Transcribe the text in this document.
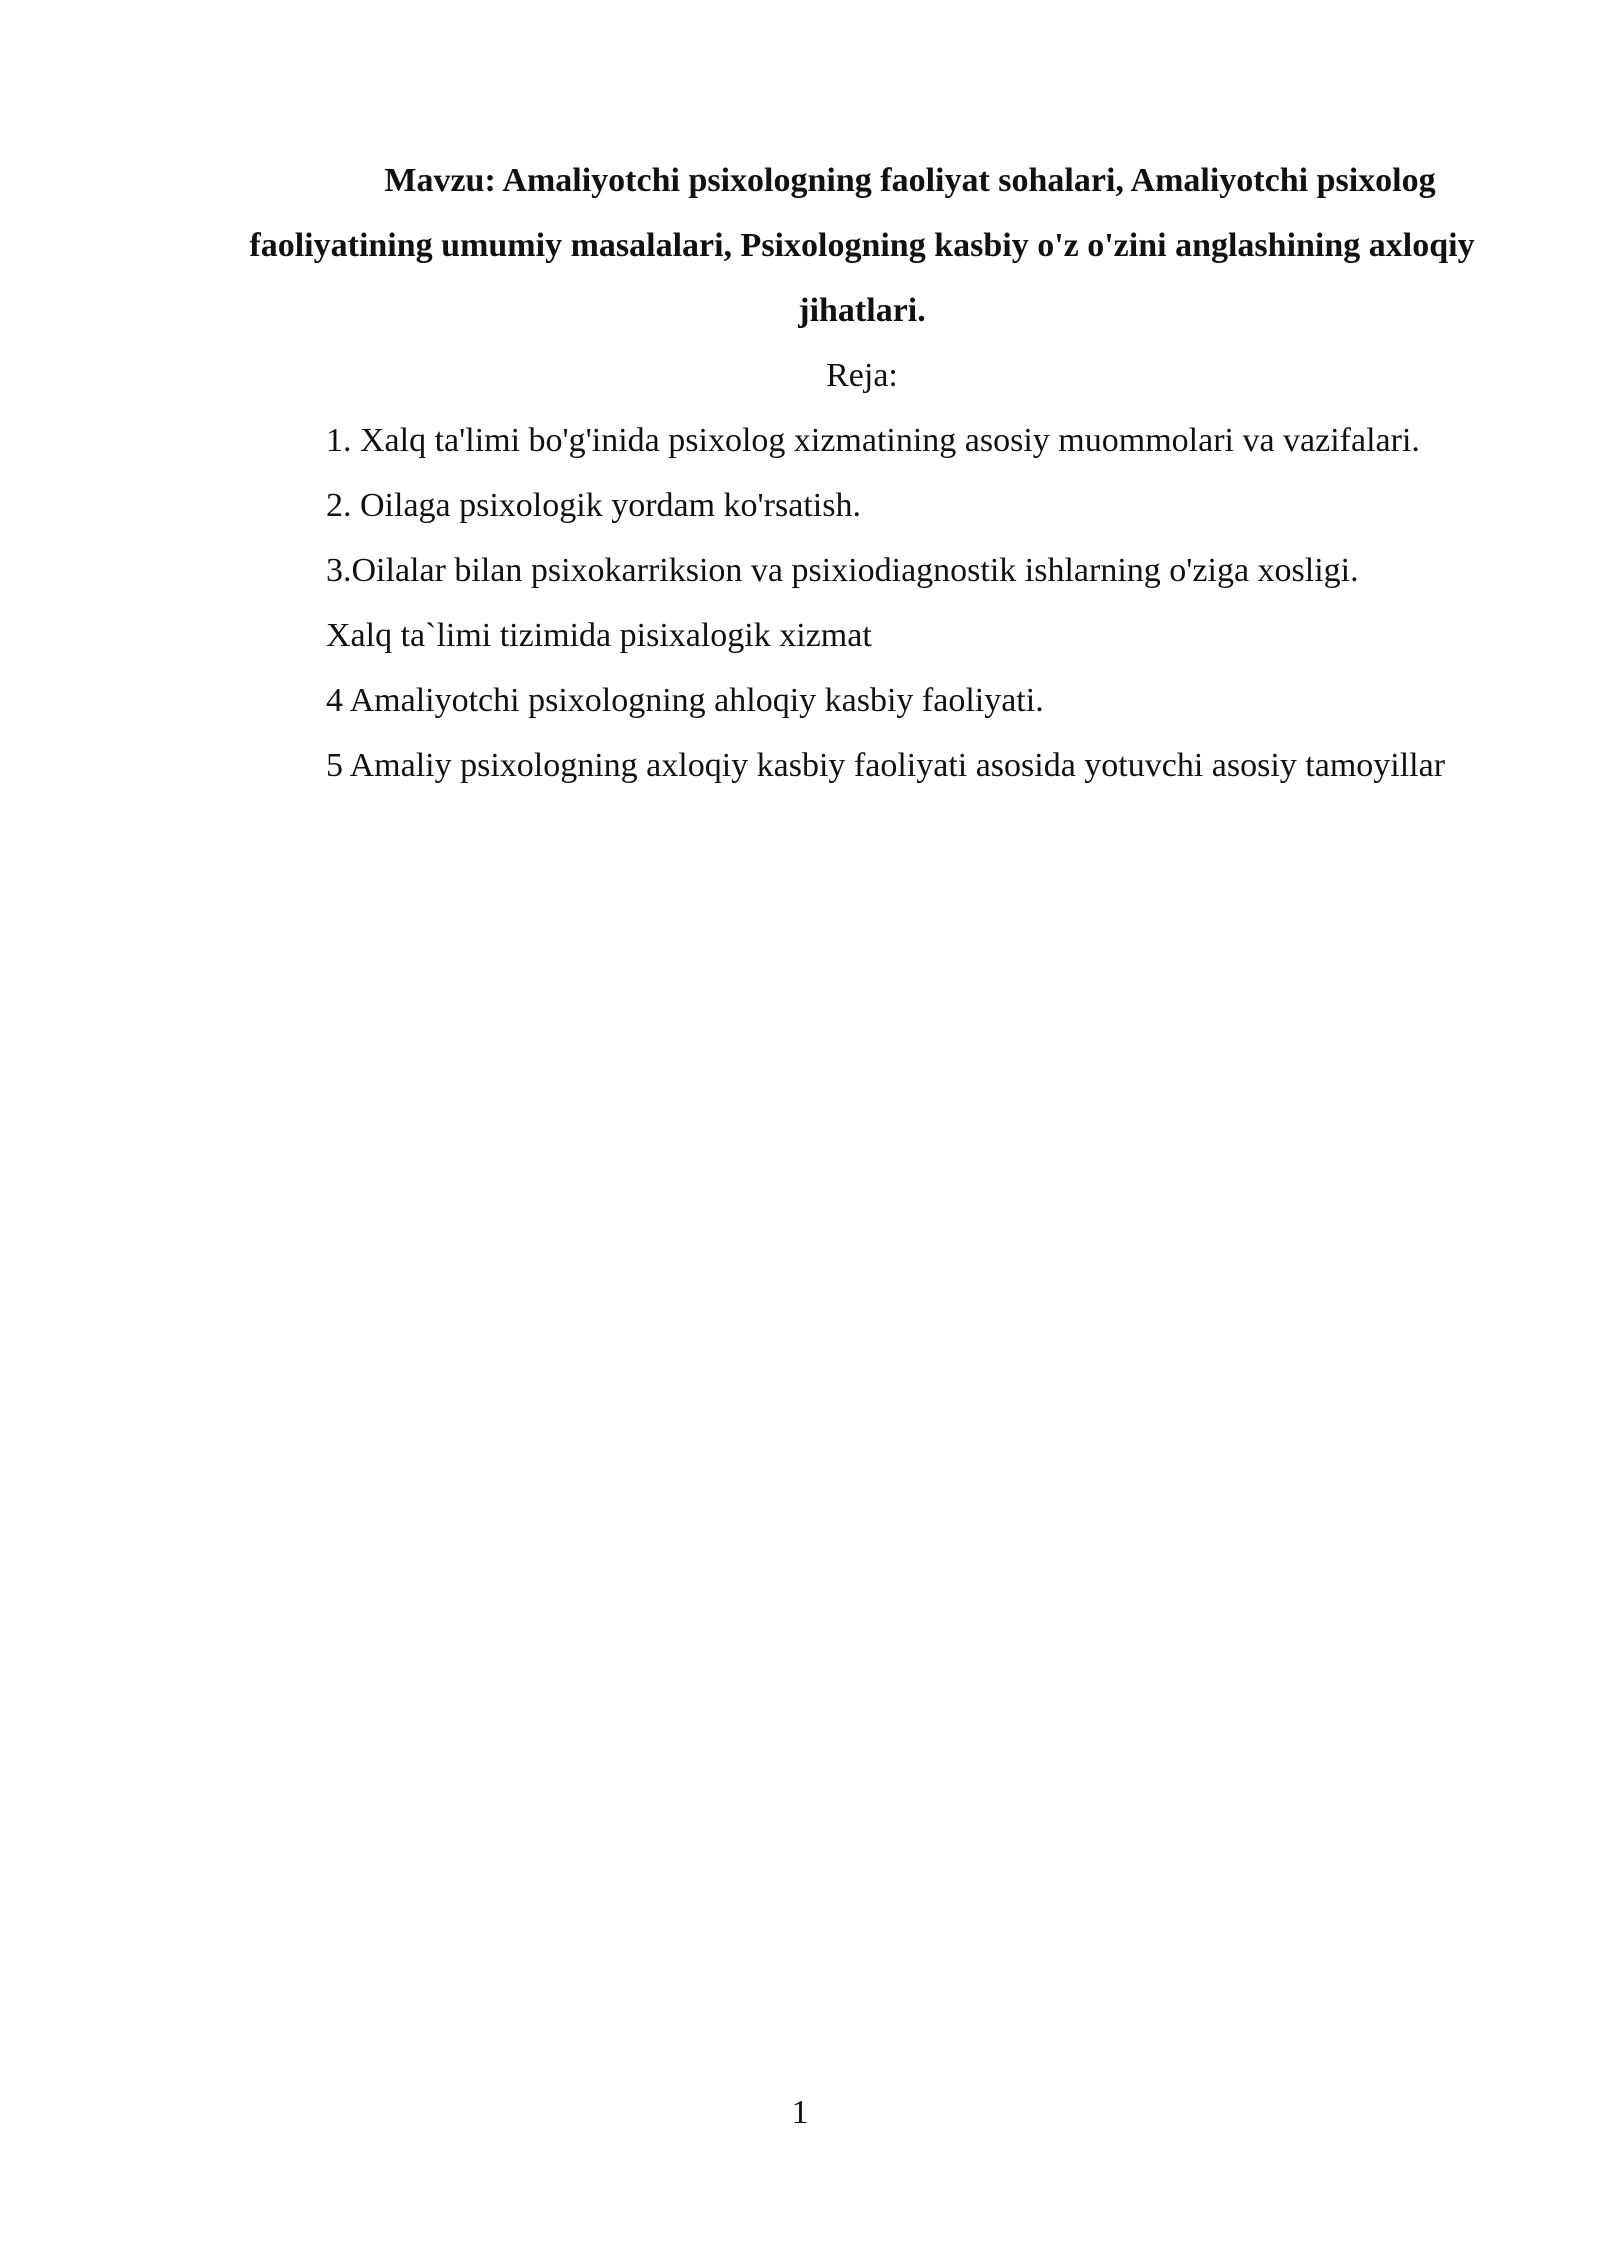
Mavzu: Amaliyotchi psixologning faoliyat sohalari, Amaliyotchi psixolog faoliyatining umumiy masalalari, Psixologning kasbiy o'z o'zini anglashining axloqiy jihatlari.

Reja:

1. Xalq ta'limi bo'g'inida psixolog xizmatining asosiy muommolari va vazifalari.

2. Oilaga psixologik yordam ko'rsatish.

3.Oilalar bilan psixokarriksion va psixiodiagnostik ishlarning o'ziga xosligi.

Xalq ta`limi tizimida pisixalogik xizmat

4 Amaliyotchi psixologning ahloqiy kasbiy faoliyati.

5 Amaliy psixologning axloqiy kasbiy faoliyati asosida yotuvchi asosiy tamoyillar

1
